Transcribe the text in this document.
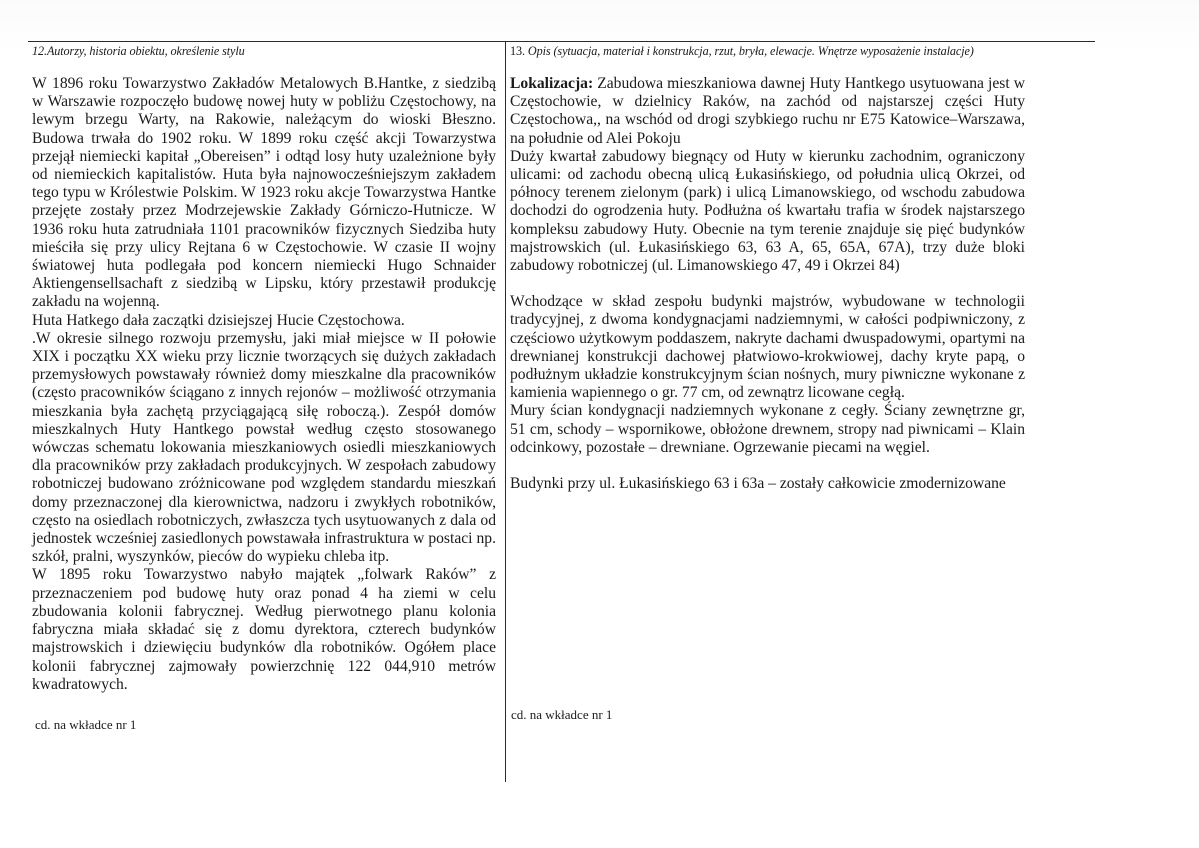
12.Autorzy, historia obiektu, określenie stylu

W 1896 roku Towarzystwo Zakładów Metalowych B.Hantke, z siedzibą w Warszawie rozpoczęło budowę nowej huty w pobliżu Częstochowy, na lewym brzegu Warty, na Rakowie, należącym do wioski Błeszno. Budowa trwała do 1902 roku. W 1899 roku część akcji Towarzystwa przejął niemiecki kapitał „Obereisen” i odtąd losy huty uzależnione były od niemieckich kapitalistów. Huta była najnowocześniejszym zakładem tego typu w Królestwie Polskim. W 1923 roku akcje Towarzystwa Hantke przejęte zostały przez Modrzejewskie Zakłady Górniczo-Hutnicze. W 1936 roku huta zatrudniała 1101 pracowników fizycznych Siedziba huty mieściła się przy ulicy Rejtana 6 w Częstochowie. W czasie II wojny światowej huta podlegała pod koncern niemiecki Hugo Schnaider Aktiengensellsachaft z siedzibą w Lipsku, który przestawił produkcję zakładu na wojenną.

Huta Hatkego dała zaczątki dzisiejszej Hucie Częstochowa.

.W okresie silnego rozwoju przemysłu, jaki miał miejsce w II połowie XIX i początku XX wieku przy licznie tworzących się dużych zakładach przemysłowych powstawały również domy mieszkalne dla pracowników (często pracowników ściągano z innych rejonów – możliwość otrzymania mieszkania była zachętą przyciągającą siłę roboczą.). Zespół domów mieszkalnych Huty Hantkego powstał według często stosowanego wówczas schematu lokowania mieszkaniowych osiedli mieszkaniowych dla pracowników przy zakładach produkcyjnych. W zespołach zabudowy robotniczej budowano zróżnicowane pod względem standardu mieszkań domy przeznaczonej dla kierownictwa, nadzoru i zwykłych robotników, często na osiedlach robotniczych, zwłaszcza tych usytuowanych z dala od jednostek wcześniej zasiedlonych powstawała infrastruktura w postaci np. szkół, pralni, wyszynków, pieców do wypieku chleba itp.

W 1895 roku Towarzystwo nabyło majątek „folwark Raków” z przeznaczeniem pod budowę huty oraz ponad 4 ha ziemi w celu zbudowania kolonii fabrycznej. Według pierwotnego planu kolonia fabryczna miała składać się z domu dyrektora, czterech budynków majstrowskich i dziewięciu budynków dla robotników. Ogółem place kolonii fabrycznej zajmowały powierzchnię 122 044,910 metrów kwadratowych.

cd. na wkładce nr 1
13. Opis (sytuacja, materiał i konstrukcja, rzut, bryła, elewacje. Wnętrze wyposażenie instalacje)

Lokalizacja: Zabudowa mieszkaniowa dawnej Huty Hantkego usytuowana jest w Częstochowie, w dzielnicy Raków, na zachód od najstarszej części Huty Częstochowa,, na wschód od drogi szybkiego ruchu nr E75 Katowice–Warszawa, na południe od Alei Pokoju

Duży kwartał zabudowy biegnący od Huty w kierunku zachodnim, ograniczony ulicami: od zachodu obecną ulicą Łukasińskiego, od południa ulicą Okrzei, od północy terenem zielonym (park) i ulicą Limanowskiego, od wschodu zabudowa dochodzi do ogrodzenia huty. Podłużna oś kwartału trafia w środek najstarszego kompleksu zabudowy Huty. Obecnie na tym terenie znajduje się pięć budynków majstrowskich (ul. Łukasińskiego 63, 63 A, 65, 65A, 67A), trzy duże bloki zabudowy robotniczej (ul. Limanowskiego 47, 49 i Okrzei 84)

Wchodzące w skład zespołu budynki majstrów, wybudowane w technologii tradycyjnej, z dwoma kondygnacjami nadziemnymi, w całości podpiwniczony, z częściowo użytkowym poddaszem, nakryte dachami dwuspadowymi, opartymi na drewnianej konstrukcji dachowej płatwiowo-krokwiowej, dachy kryte papą, o podłużnym układzie konstrukcyjnym ścian nośnych, mury piwniczne wykonane z kamienia wapiennego o gr. 77 cm, od zewnątrz licowane cegłą.

Mury ścian kondygnacji nadziemnych wykonane z cegły. Ściany zewnętrzne gr, 51 cm, schody – wspornikowe, obłożone drewnem, stropy nad piwnicami – Klain odcinkowy, pozostałe – drewniane. Ogrzewanie piecami na węgiel.

Budynki przy ul. Łukasińskiego 63 i 63a – zostały całkowicie zmodernizowane

cd. na wkładce nr 1
